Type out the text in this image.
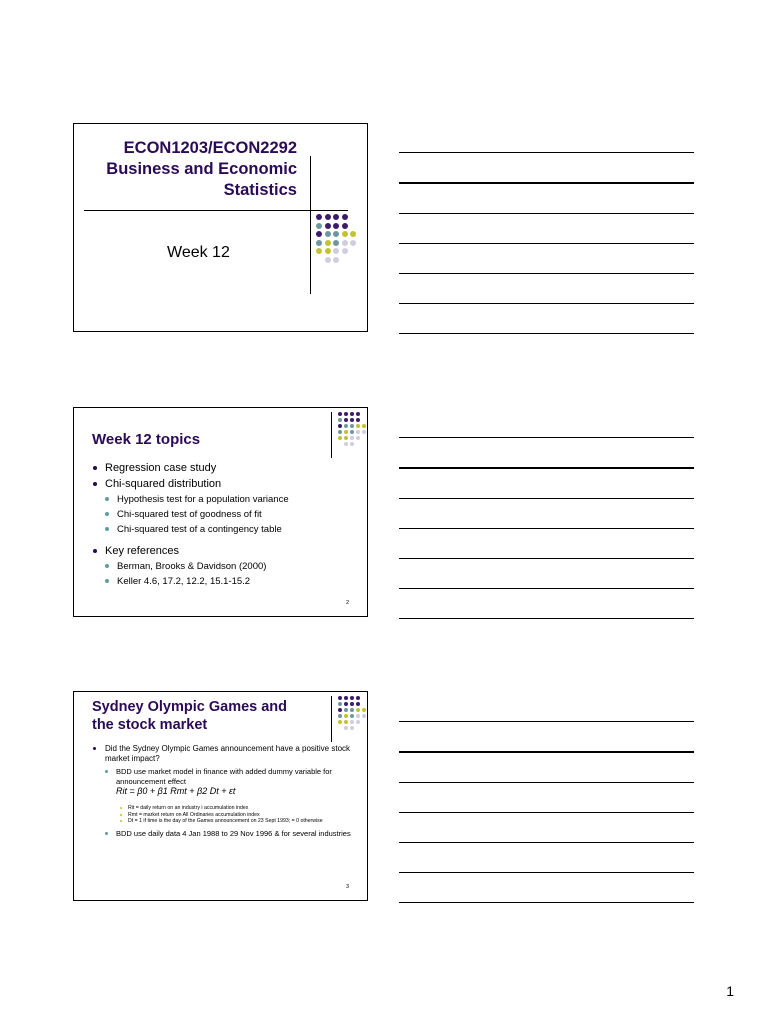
ECON1203/ECON2292
Business and Economic
Statistics
Week 12
Week 12 topics
Regression case study
Chi-squared distribution
Hypothesis test for a population variance
Chi-squared test of goodness of fit
Chi-squared test of a contingency table
Key references
Berman, Brooks & Davidson (2000)
Keller 4.6, 17.2, 12.2, 15.1-15.2
2
Sydney Olympic Games and
the stock market
Did the Sydney Olympic Games announcement have a positive stock market impact?
BDD use market model in finance with added dummy variable for announcement effect
Rit = β0 + β1 Rmt + β2 Dt + εt
Rit = daily return on an industry i accumulation index
Rmt = market return on All Ordinaries accumulation index
Dt = 1 if time is the day of the Games announcement on 23 Sept 1993; = 0 otherwise
BDD use daily data 4 Jan 1988 to 29 Nov 1996 & for several industries
3
1
